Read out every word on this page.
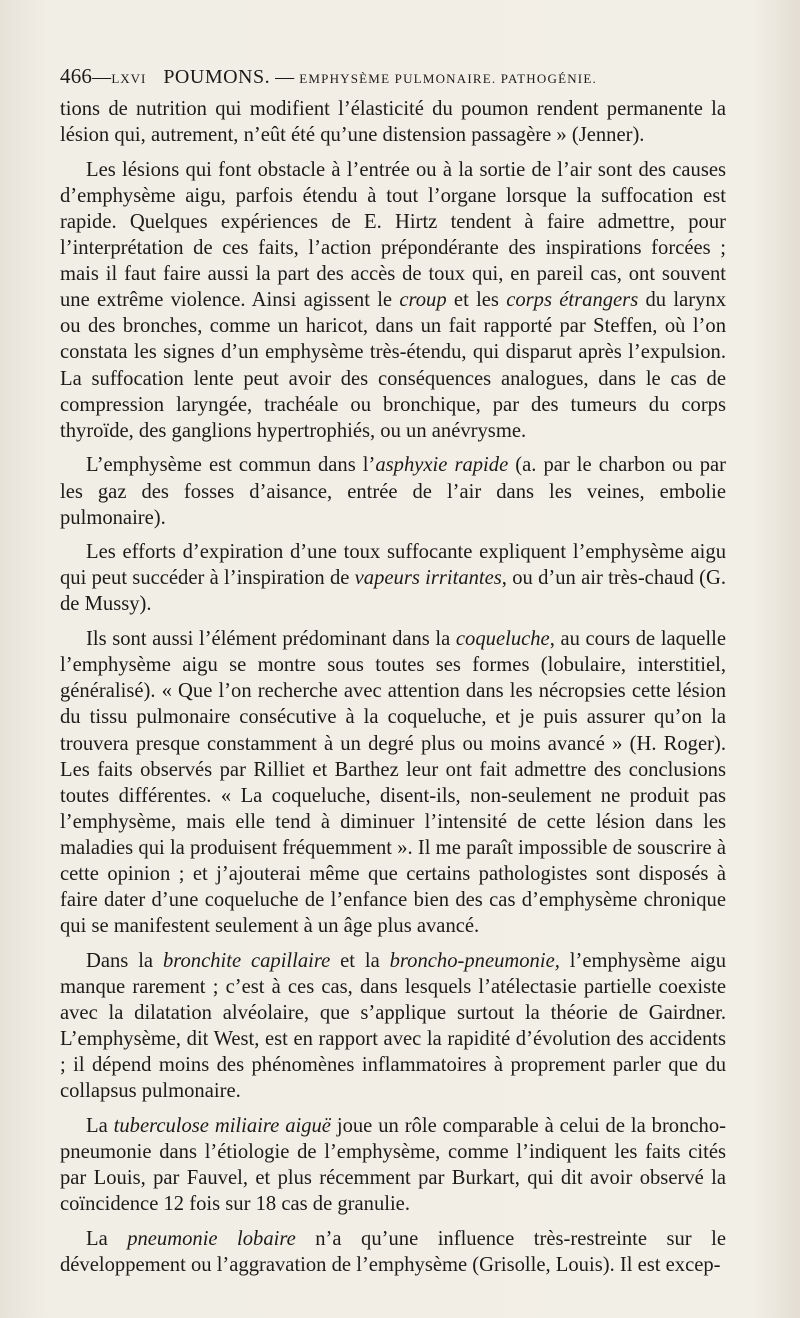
466—LXVI POUMONS. — EMPHYSÈME PULMONAIRE. PATHOGÉNIE.

tions de nutrition qui modifient l’élasticité du poumon rendent permanente la lésion qui, autrement, n’eût été qu’une distension passagère » (Jenner).

Les lésions qui font obstacle à l’entrée ou à la sortie de l’air sont des causes d’emphysème aigu, parfois étendu à tout l’organe lorsque la suffocation est rapide. Quelques expériences de E. Hirtz tendent à faire admettre, pour l’interprétation de ces faits, l’action prépondérante des inspirations forcées ; mais il faut faire aussi la part des accès de toux qui, en pareil cas, ont souvent une extrême violence. Ainsi agissent le croup et les corps étrangers du larynx ou des bronches, comme un haricot, dans un fait rapporté par Steffen, où l’on constata les signes d’un emphysème très-étendu, qui disparut après l’expulsion. La suffocation lente peut avoir des conséquences analogues, dans le cas de compression laryngée, trachéale ou bronchique, par des tumeurs du corps thyroïde, des ganglions hypertrophiés, ou un anévrysme.

L’emphysème est commun dans l’asphyxie rapide (a. par le charbon ou par les gaz des fosses d’aisance, entrée de l’air dans les veines, embolie pulmonaire).

Les efforts d’expiration d’une toux suffocante expliquent l’emphysème aigu qui peut succéder à l’inspiration de vapeurs irritantes, ou d’un air très-chaud (G. de Mussy).

Ils sont aussi l’élément prédominant dans la coqueluche, au cours de laquelle l’emphysème aigu se montre sous toutes ses formes (lobulaire, interstitiel, généralisé). « Que l’on recherche avec attention dans les nécropsies cette lésion du tissu pulmonaire consécutive à la coqueluche, et je puis assurer qu’on la trouvera presque constamment à un degré plus ou moins avancé » (H. Roger). Les faits observés par Rilliet et Barthez leur ont fait admettre des conclusions toutes différentes. « La coqueluche, disent-ils, non-seulement ne produit pas l’emphysème, mais elle tend à diminuer l’intensité de cette lésion dans les maladies qui la produisent fréquemment ». Il me paraît impossible de souscrire à cette opinion ; et j’ajouterai même que certains pathologistes sont disposés à faire dater d’une coqueluche de l’enfance bien des cas d’emphysème chronique qui se manifestent seulement à un âge plus avancé.

Dans la bronchite capillaire et la broncho-pneumonie, l’emphysème aigu manque rarement ; c’est à ces cas, dans lesquels l’atélectasie partielle coexiste avec la dilatation alvéolaire, que s’applique surtout la théorie de Gairdner. L’emphysème, dit West, est en rapport avec la rapidité d’évolution des accidents ; il dépend moins des phénomènes inflammatoires à proprement parler que du collapsus pulmonaire.

La tuberculose miliaire aiguë joue un rôle comparable à celui de la broncho-pneumonie dans l’étiologie de l’emphysème, comme l’indiquent les faits cités par Louis, par Fauvel, et plus récemment par Burkart, qui dit avoir observé la coïncidence 12 fois sur 18 cas de granulie.

La pneumonie lobaire n’a qu’une influence très-restreinte sur le développement ou l’aggravation de l’emphysème (Grisolle, Louis). Il est excep-
